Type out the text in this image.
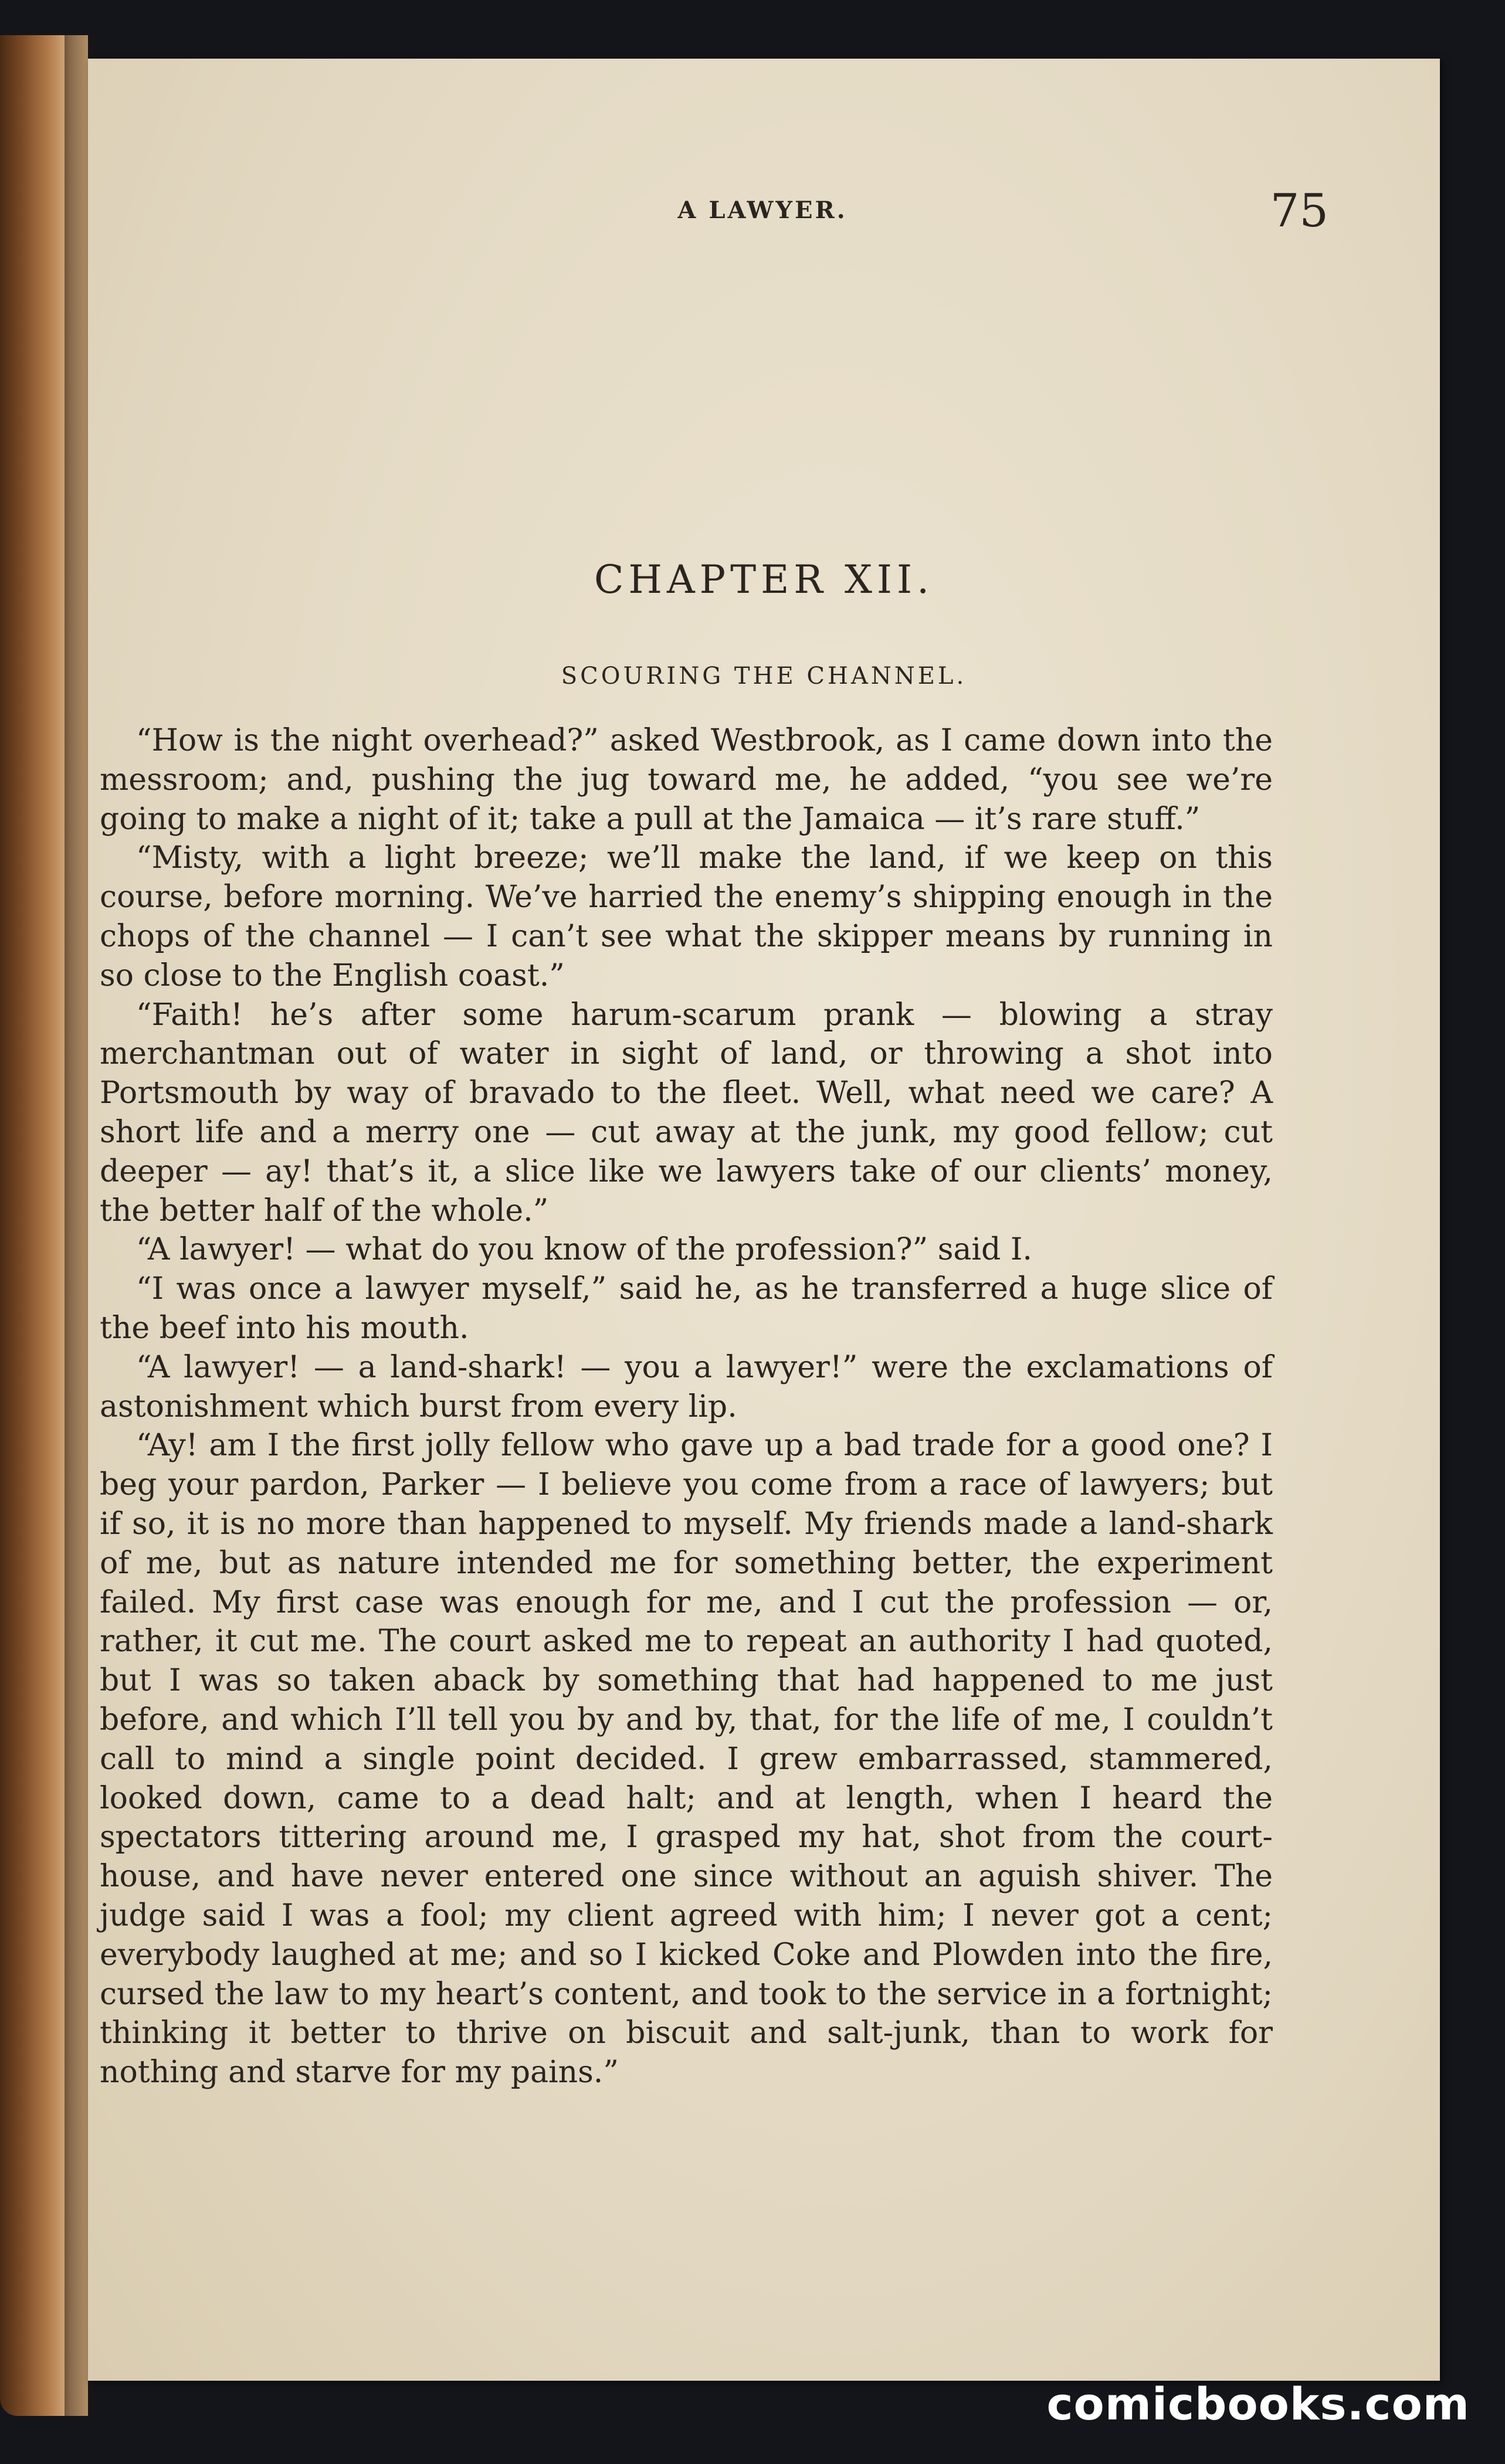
A LAWYER.	75
CHAPTER XII.
SCOURING THE CHANNEL.

“How is the night overhead?” asked Westbrook, as I came down into the messroom; and, pushing the jug toward me, he added, “you see we’re going to make a night of it; take a pull at the Jamaica — it’s rare stuff.”

“Misty, with a light breeze; we’ll make the land, if we keep on this course, before morning. We’ve harried the enemy’s shipping enough in the chops of the channel — I can’t see what the skipper means by running in so close to the English coast.”

“Faith! he’s after some harum-scarum prank — blowing a stray merchantman out of water in sight of land, or throwing a shot into Portsmouth by way of bravado to the fleet. Well, what need we care? A short life and a merry one — cut away at the junk, my good fellow; cut deeper — ay! that’s it, a slice like we lawyers take of our clients’ money, the better half of the whole.”

“A lawyer! — what do you know of the profession?” said I.

“I was once a lawyer myself,” said he, as he transferred a huge slice of the beef into his mouth.

“A lawyer! — a land-shark! — you a lawyer!” were the exclamations of astonishment which burst from every lip.

“Ay! am I the first jolly fellow who gave up a bad trade for a good one? I beg your pardon, Parker — I believe you come from a race of lawyers; but if so, it is no more than happened to myself. My friends made a land-shark of me, but as nature intended me for something better, the experiment failed. My first case was enough for me, and I cut the profession — or, rather, it cut me. The court asked me to repeat an authority I had quoted, but I was so taken aback by something that had happened to me just before, and which I’ll tell you by and by, that, for the life of me, I couldn’t call to mind a single point decided. I grew embarrassed, stammered, looked down, came to a dead halt; and at length, when I heard the spectators tittering around me, I grasped my hat, shot from the court-house, and have never entered one since without an aguish shiver. The judge said I was a fool; my client agreed with him; I never got a cent; everybody laughed at me; and so I kicked Coke and Plowden into the fire, cursed the law to my heart’s content, and took to the service in a fortnight; thinking it better to thrive on biscuit and salt-junk, than to work for nothing and starve for my pains.”

comicbooks.com
